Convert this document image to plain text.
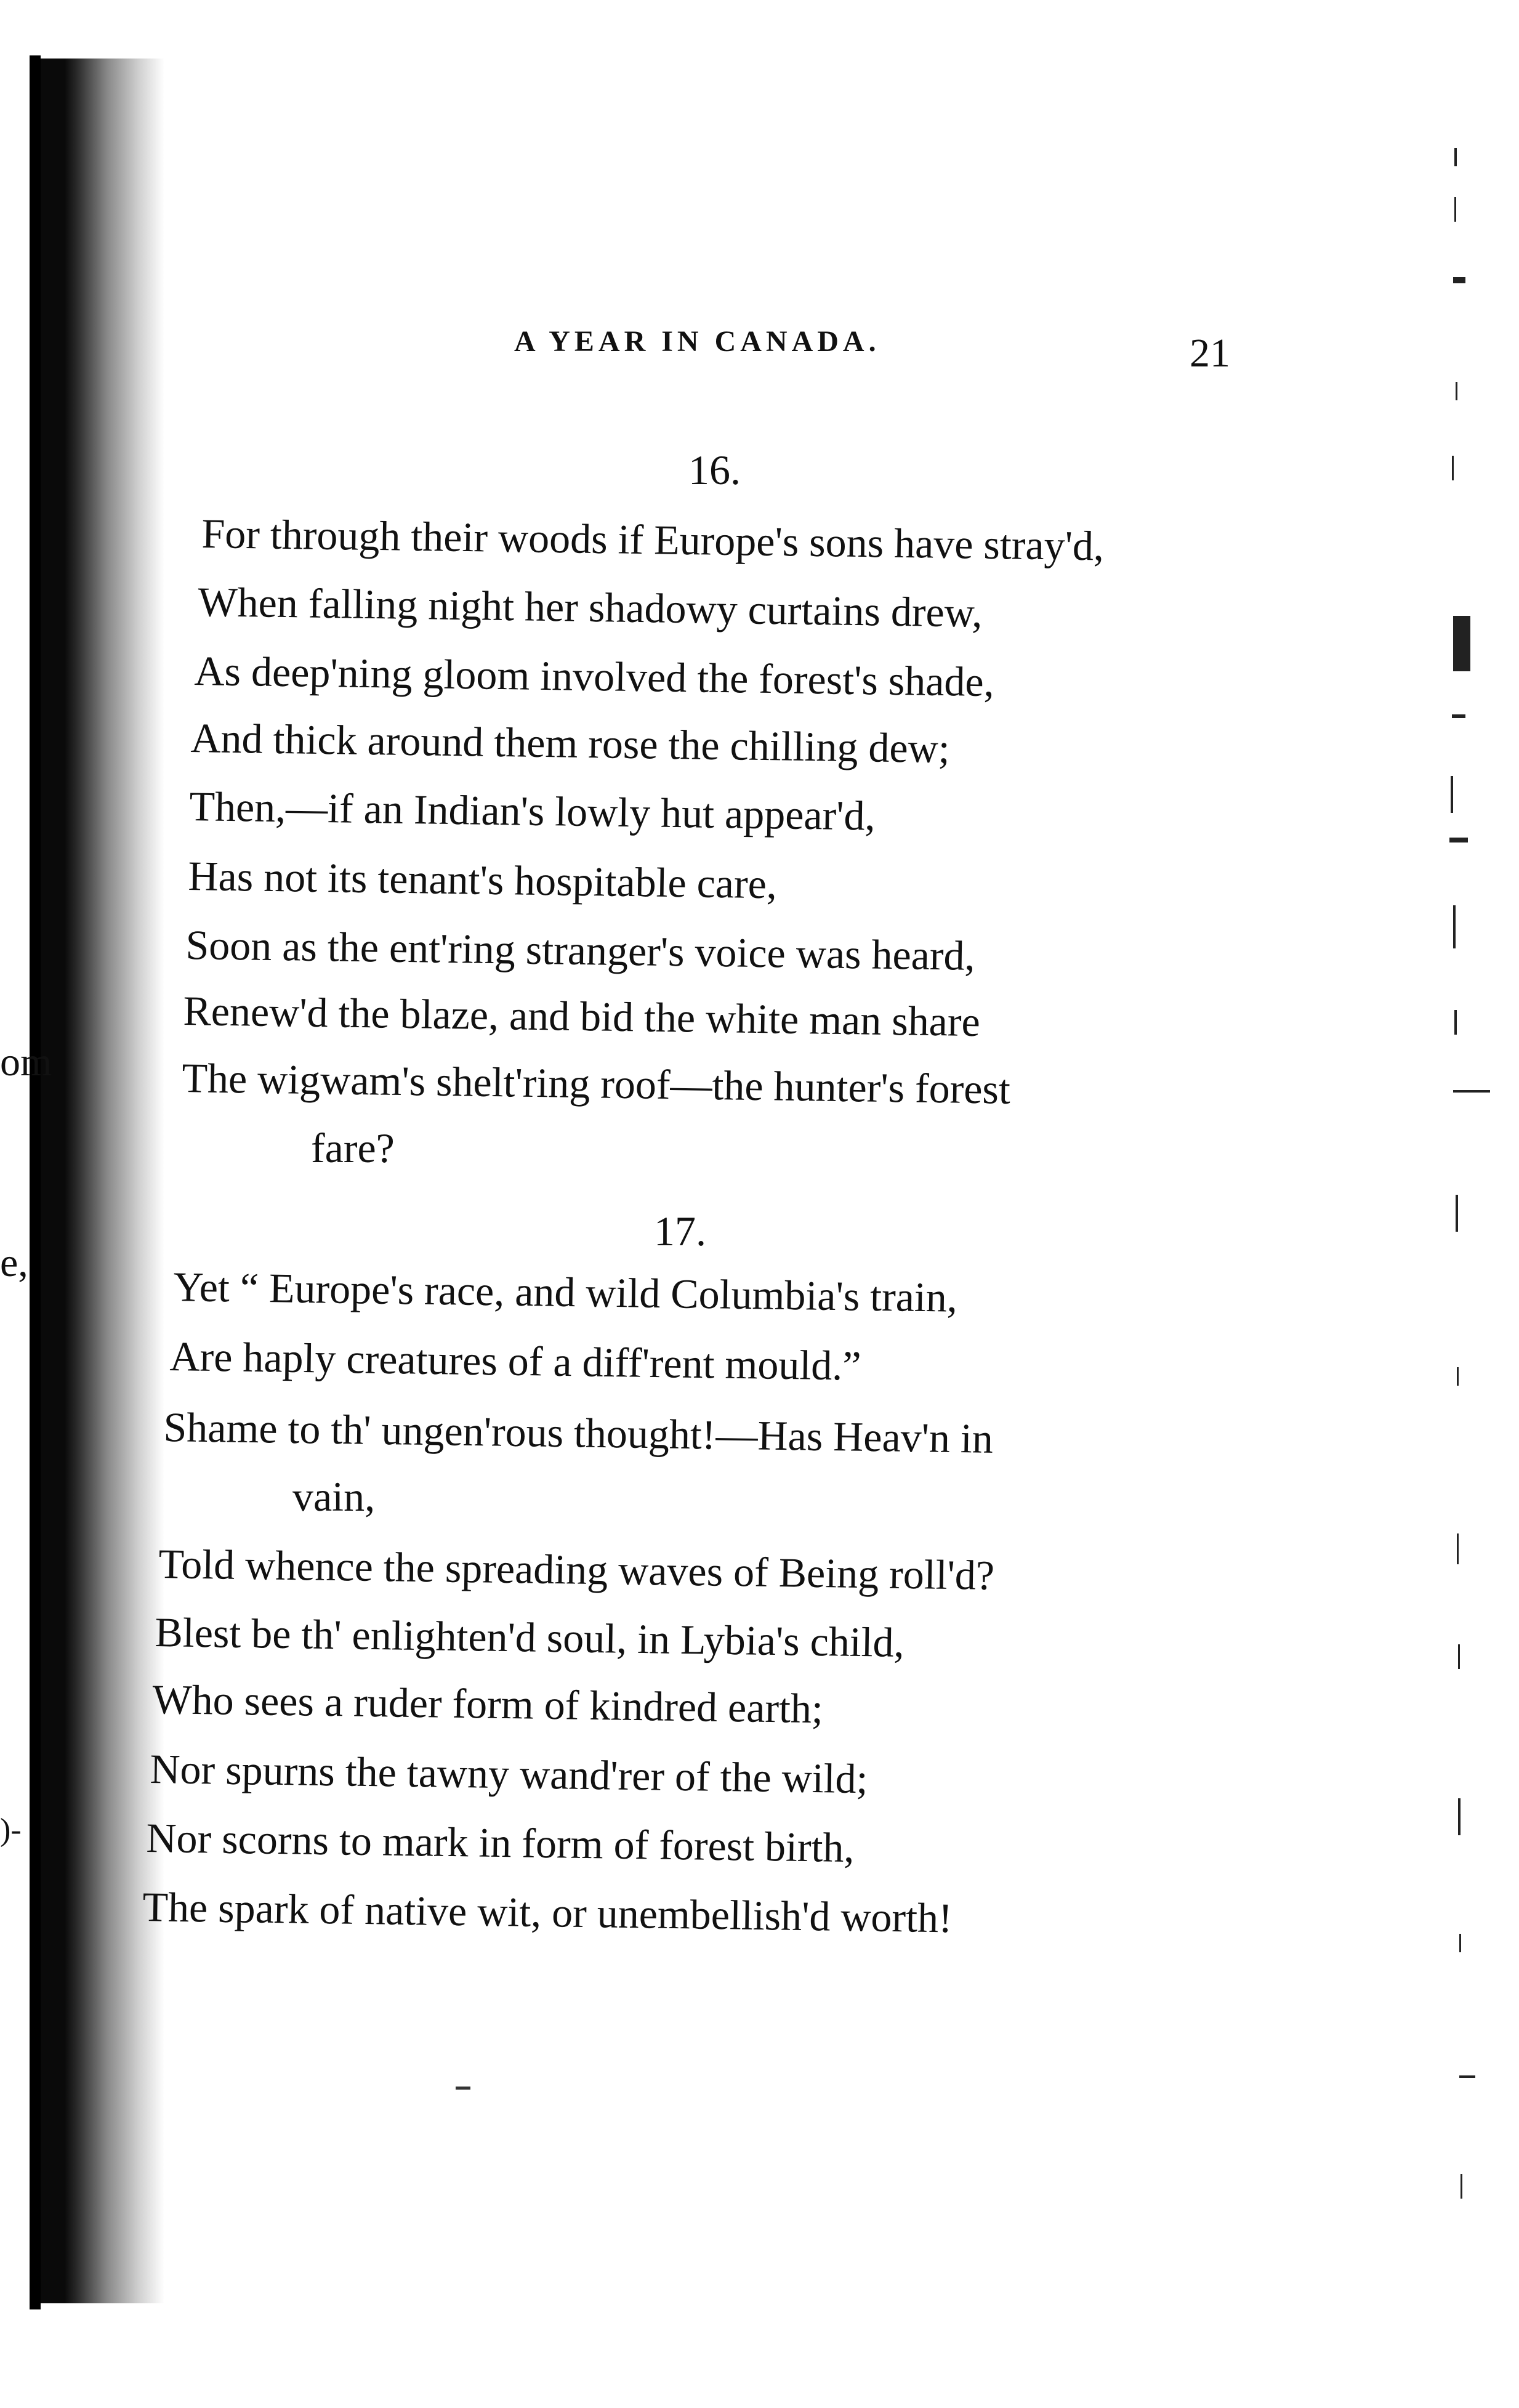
om
e,
)-
A YEAR IN CANADA.	21
16.
For through their woods if Europe's sons have stray'd,
When falling night her shadowy curtains drew,
As deep'ning gloom involved the forest's shade,
And thick around them rose the chilling dew;
Then,—if an Indian's lowly hut appear'd,
Has not its tenant's hospitable care,
Soon as the ent'ring stranger's voice was heard,
Renew'd the blaze, and bid the white man share
The wigwam's shelt'ring roof—the hunter's forest
fare?
17.
Yet “ Europe's race, and wild Columbia's train,
Are haply creatures of a diff'rent mould.”
Shame to th' ungen'rous thought!—Has Heav'n in
vain,
Told whence the spreading waves of Being roll'd?
Blest be th' enlighten'd soul, in Lybia's child,
Who sees a ruder form of kindred earth;
Nor spurns the tawny wand'rer of the wild;
Nor scorns to mark in form of forest birth,
The spark of native wit, or unembellish'd worth!
